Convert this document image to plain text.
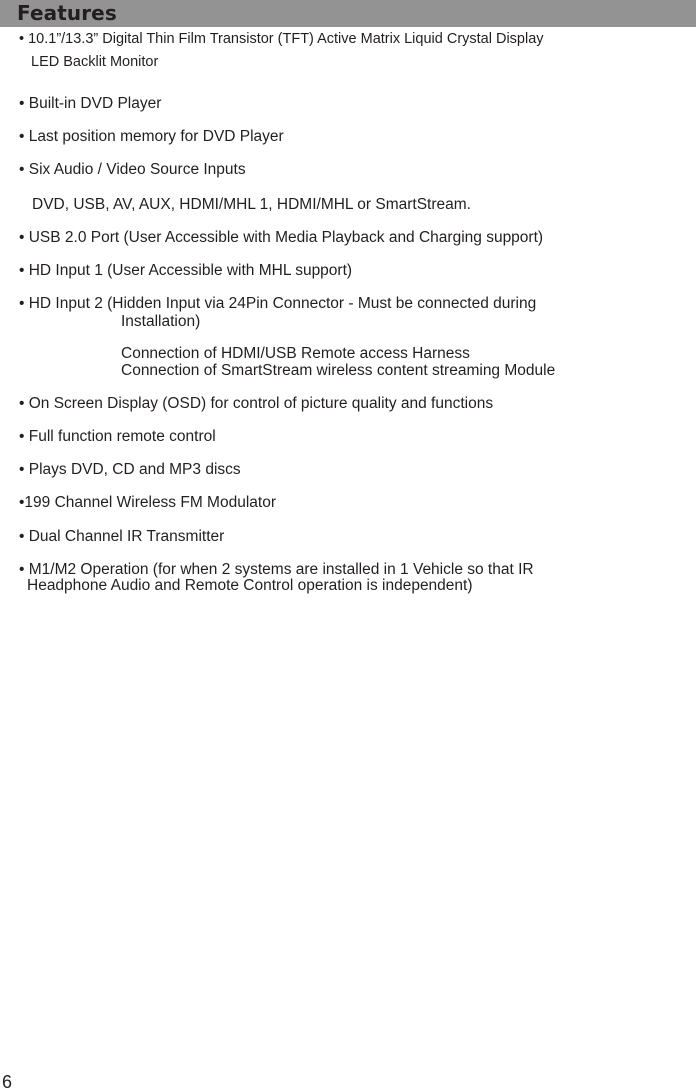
Features
• 10.1”/13.3” Digital Thin Film Transistor (TFT) Active Matrix Liquid Crystal Display
LED Backlit Monitor
• Built-in DVD Player
• Last position memory for DVD Player
• Six Audio / Video Source Inputs
DVD, USB, AV, AUX, HDMI/MHL 1, HDMI/MHL or SmartStream.
• USB 2.0 Port (User Accessible with Media Playback and Charging support)
• HD Input 1 (User Accessible with MHL support)
• HD Input 2 (Hidden Input via 24Pin Connector - Must be connected during
Installation)
Connection of HDMI/USB Remote access Harness
Connection of SmartStream wireless content streaming Module
• On Screen Display (OSD) for control of picture quality and functions
• Full function remote control
• Plays DVD, CD and MP3 discs
•199 Channel Wireless FM Modulator
• Dual Channel IR Transmitter
• M1/M2 Operation (for when 2 systems are installed in 1 Vehicle so that IR
Headphone Audio and Remote Control operation is independent)
6
